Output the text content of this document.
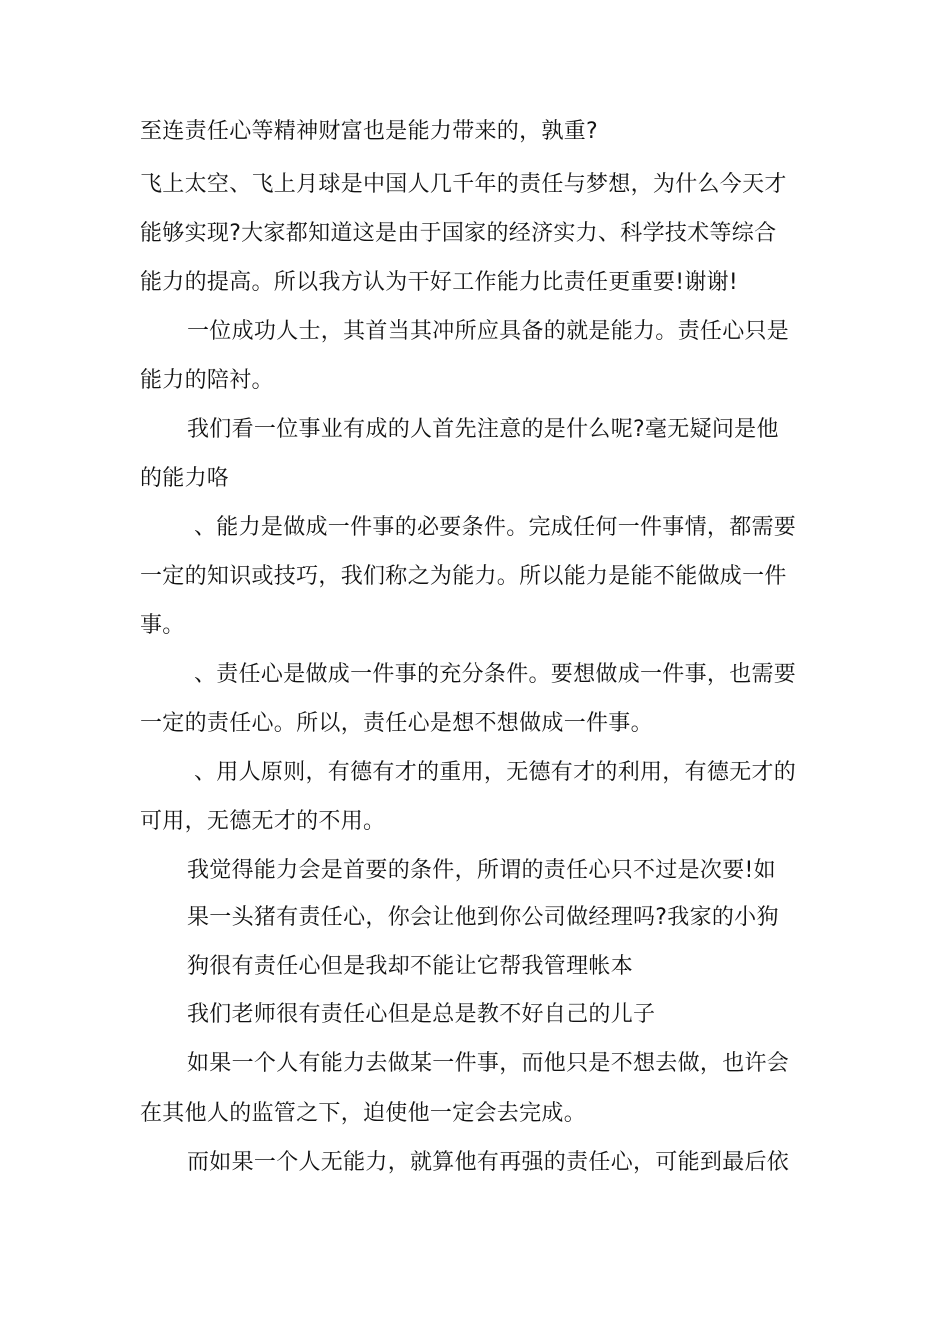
至连责任心等精神财富也是能力带来的，孰重?
飞上太空、飞上月球是中国人几千年的责任与梦想，为什么今天才
能够实现?大家都知道这是由于国家的经济实力、科学技术等综合
能力的提高。所以我方认为干好工作能力比责任更重要!谢谢!
一位成功人士，其首当其冲所应具备的就是能力。责任心只是
能力的陪衬。
我们看一位事业有成的人首先注意的是什么呢?毫无疑问是他
的能力咯
、能力是做成一件事的必要条件。完成任何一件事情，都需要
一定的知识或技巧，我们称之为能力。所以能力是能不能做成一件
事。
、责任心是做成一件事的充分条件。要想做成一件事，也需要
一定的责任心。所以，责任心是想不想做成一件事。
、用人原则，有德有才的重用，无德有才的利用，有德无才的
可用，无德无才的不用。
我觉得能力会是首要的条件，所谓的责任心只不过是次要!如
果一头猪有责任心，你会让他到你公司做经理吗?我家的小狗
狗很有责任心但是我却不能让它帮我管理帐本
我们老师很有责任心但是总是教不好自己的儿子
如果一个人有能力去做某一件事，而他只是不想去做，也许会
在其他人的监管之下，迫使他一定会去完成。
而如果一个人无能力，就算他有再强的责任心，可能到最后依
